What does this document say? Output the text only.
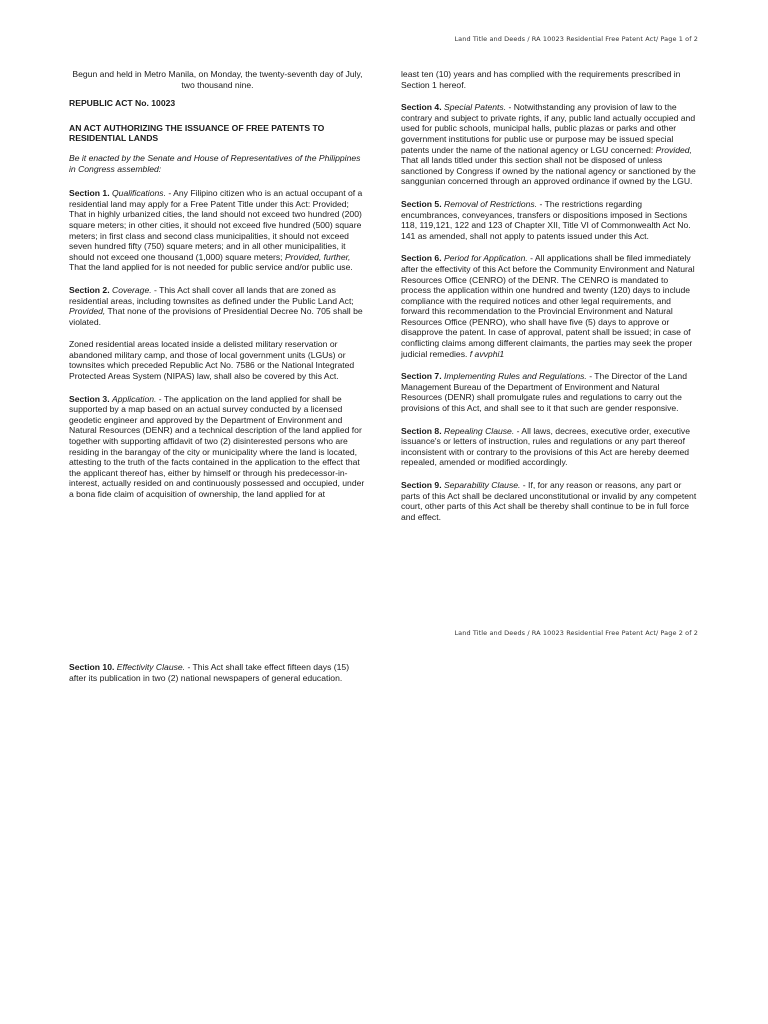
Land Title and Deeds / RA 10023 Residential Free Patent Act/ Page 1 of 2

Begun and held in Metro Manila, on Monday, the twenty-seventh day of July,
two thousand nine.

REPUBLIC ACT No. 10023

AN ACT AUTHORIZING THE ISSUANCE OF FREE PATENTS TO RESIDENTIAL LANDS

Be it enacted by the Senate and House of Representatives of the Philippines in Congress assembled:

Section 1. Qualifications. - Any Filipino citizen who is an actual occupant of a residential land may apply for a Free Patent Title under this Act: Provided; That in highly urbanized cities, the land should not exceed two hundred (200) square meters; in other cities, it should not exceed five hundred (500) square meters; in first class and second class municipalities, it should not exceed seven hundred fifty (750) square meters; and in all other municipalities, it should not exceed one thousand (1,000) square meters; Provided, further, That the land applied for is not needed for public service and/or public use.

Section 2. Coverage. - This Act shall cover all lands that are zoned as residential areas, including townsites as defined under the Public Land Act; Provided, That none of the provisions of Presidential Decree No. 705 shall be violated.

Zoned residential areas located inside a delisted military reservation or abandoned military camp, and those of local government units (LGUs) or townsites which preceded Republic Act No. 7586 or the National Integrated Protected Areas System (NIPAS) law, shall also be covered by this Act.

Section 3. Application. - The application on the land applied for shall be supported by a map based on an actual survey conducted by a licensed geodetic engineer and approved by the Department of Environment and Natural Resources (DENR) and a technical description of the land applied for together with supporting affidavit of two (2) disinterested persons who are residing in the barangay of the city or municipality where the land is located, attesting to the truth of the facts contained in the application to the effect that the applicant thereof has, either by himself or through his predecessor-in-interest, actually resided on and continuously possessed and occupied, under a bona fide claim of acquisition of ownership, the land applied for at

least ten (10) years and has complied with the requirements prescribed in Section 1 hereof.

Section 4. Special Patents. - Notwithstanding any provision of law to the contrary and subject to private rights, if any, public land actually occupied and used for public schools, municipal halls, public plazas or parks and other government institutions for public use or purpose may be issued special patents under the name of the national agency or LGU concerned: Provided, That all lands titled under this section shall not be disposed of unless sanctioned by Congress if owned by the national agency or sanctioned by the sanggunian concerned through an approved ordinance if owned by the LGU.

Section 5. Removal of Restrictions. - The restrictions regarding encumbrances, conveyances, transfers or dispositions imposed in Sections 118, 119,121, 122 and 123 of Chapter XII, Title VI of Commonwealth Act No. 141 as amended, shall not apply to patents issued under this Act.

Section 6. Period for Application. - All applications shall be filed immediately after the effectivity of this Act before the Community Environment and Natural Resources Office (CENRO) of the DENR. The CENRO is mandated to process the application within one hundred and twenty (120) days to include compliance with the required notices and other legal requirements, and forward this recommendation to the Provincial Environment and Natural Resources Office (PENRO), who shall have five (5) days to approve or disapprove the patent. In case of approval, patent shall be issued; in case of conflicting claims among different claimants, the parties may seek the proper judicial remedies. f avvphi1

Section 7. Implementing Rules and Regulations. - The Director of the Land Management Bureau of the Department of Environment and Natural Resources (DENR) shall promulgate rules and regulations to carry out the provisions of this Act, and shall see to it that such are gender responsive.

Section 8. Repealing Clause. - All laws, decrees, executive order, executive issuance's or letters of instruction, rules and regulations or any part thereof inconsistent with or contrary to the provisions of this Act are hereby deemed repealed, amended or modified accordingly.

Section 9. Separability Clause. - If, for any reason or reasons, any part or parts of this Act shall be declared unconstitutional or invalid by any competent court, other parts of this Act shall be thereby shall continue to be in full force and effect.

Land Title and Deeds / RA 10023 Residential Free Patent Act/ Page 2 of 2

Section 10. Effectivity Clause. - This Act shall take effect fifteen days (15) after its publication in two (2) national newspapers of general education.
